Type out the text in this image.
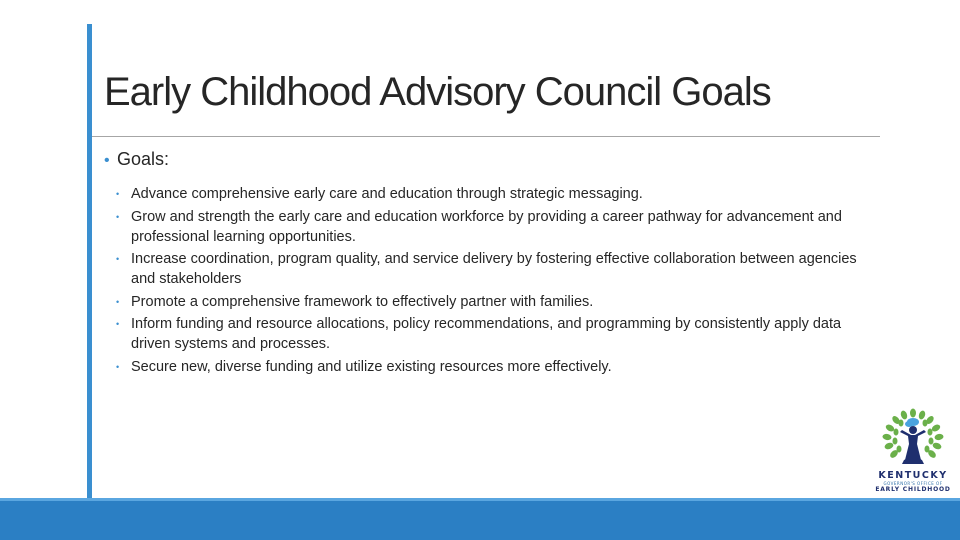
Early Childhood Advisory Council Goals
• Goals:
• Advance comprehensive early care and education through strategic messaging.
• Grow and strength the early care and education workforce by providing a career pathway for advancement and professional learning opportunities.
• Increase coordination, program quality, and service delivery by fostering effective collaboration between agencies and stakeholders
• Promote a comprehensive framework to effectively partner with families.
• Inform funding and resource allocations, policy recommendations, and programming by consistently apply data driven systems and processes.
• Secure new, diverse funding and utilize existing resources more effectively.
KENTUCKY
GOVERNOR'S OFFICE OF
EARLY CHILDHOOD
